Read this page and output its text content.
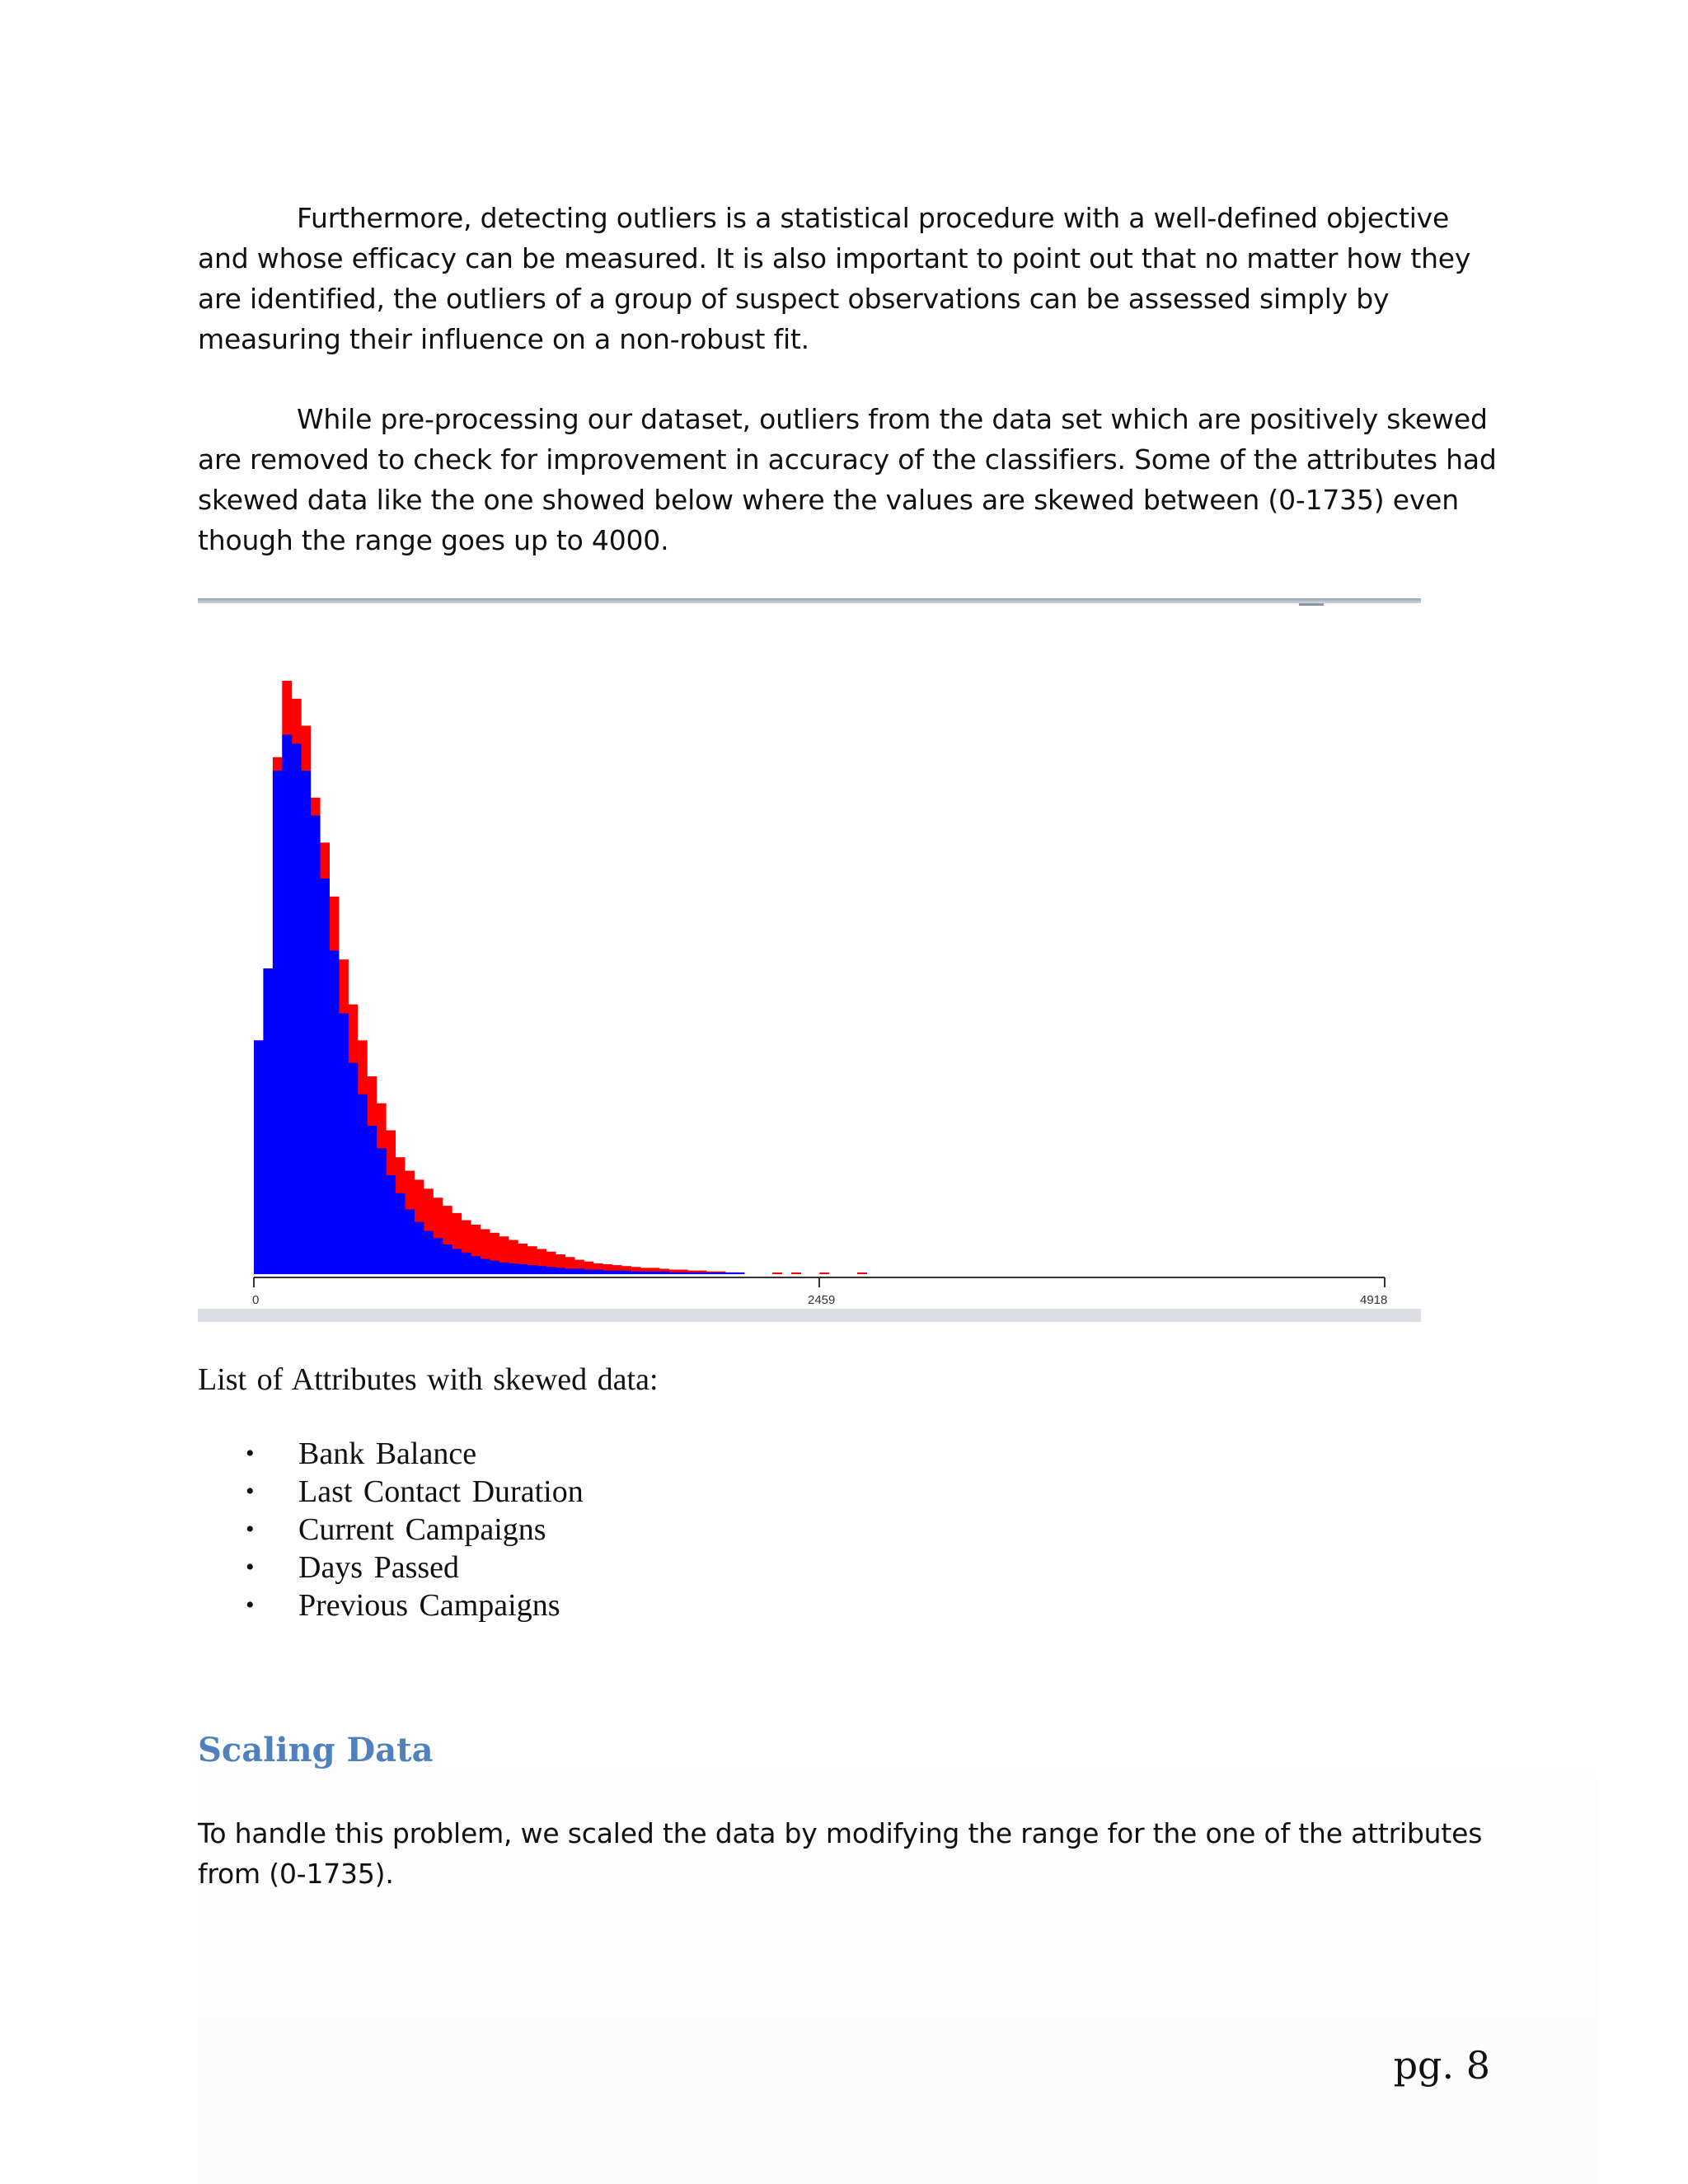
Furthermore, detecting outliers is a statistical procedure with a well-defined objective and whose efficacy can be measured. It is also important to point out that no matter how they are identified, the outliers of a group of suspect observations can be assessed simply by measuring their influence on a non-robust fit.

While pre-processing our dataset, outliers from the data set which are positively skewed are removed to check for improvement in accuracy of the classifiers. Some of the attributes had skewed data like the one showed below where the values are skewed between (0-1735) even though the range goes up to 4000.

0	2459	4918

List of Attributes with skewed data:

• Bank Balance
• Last Contact Duration
• Current Campaigns
• Days Passed
• Previous Campaigns
Scaling Data

To handle this problem, we scaled the data by modifying the range for the one of the attributes from (0-1735).

pg. 8
